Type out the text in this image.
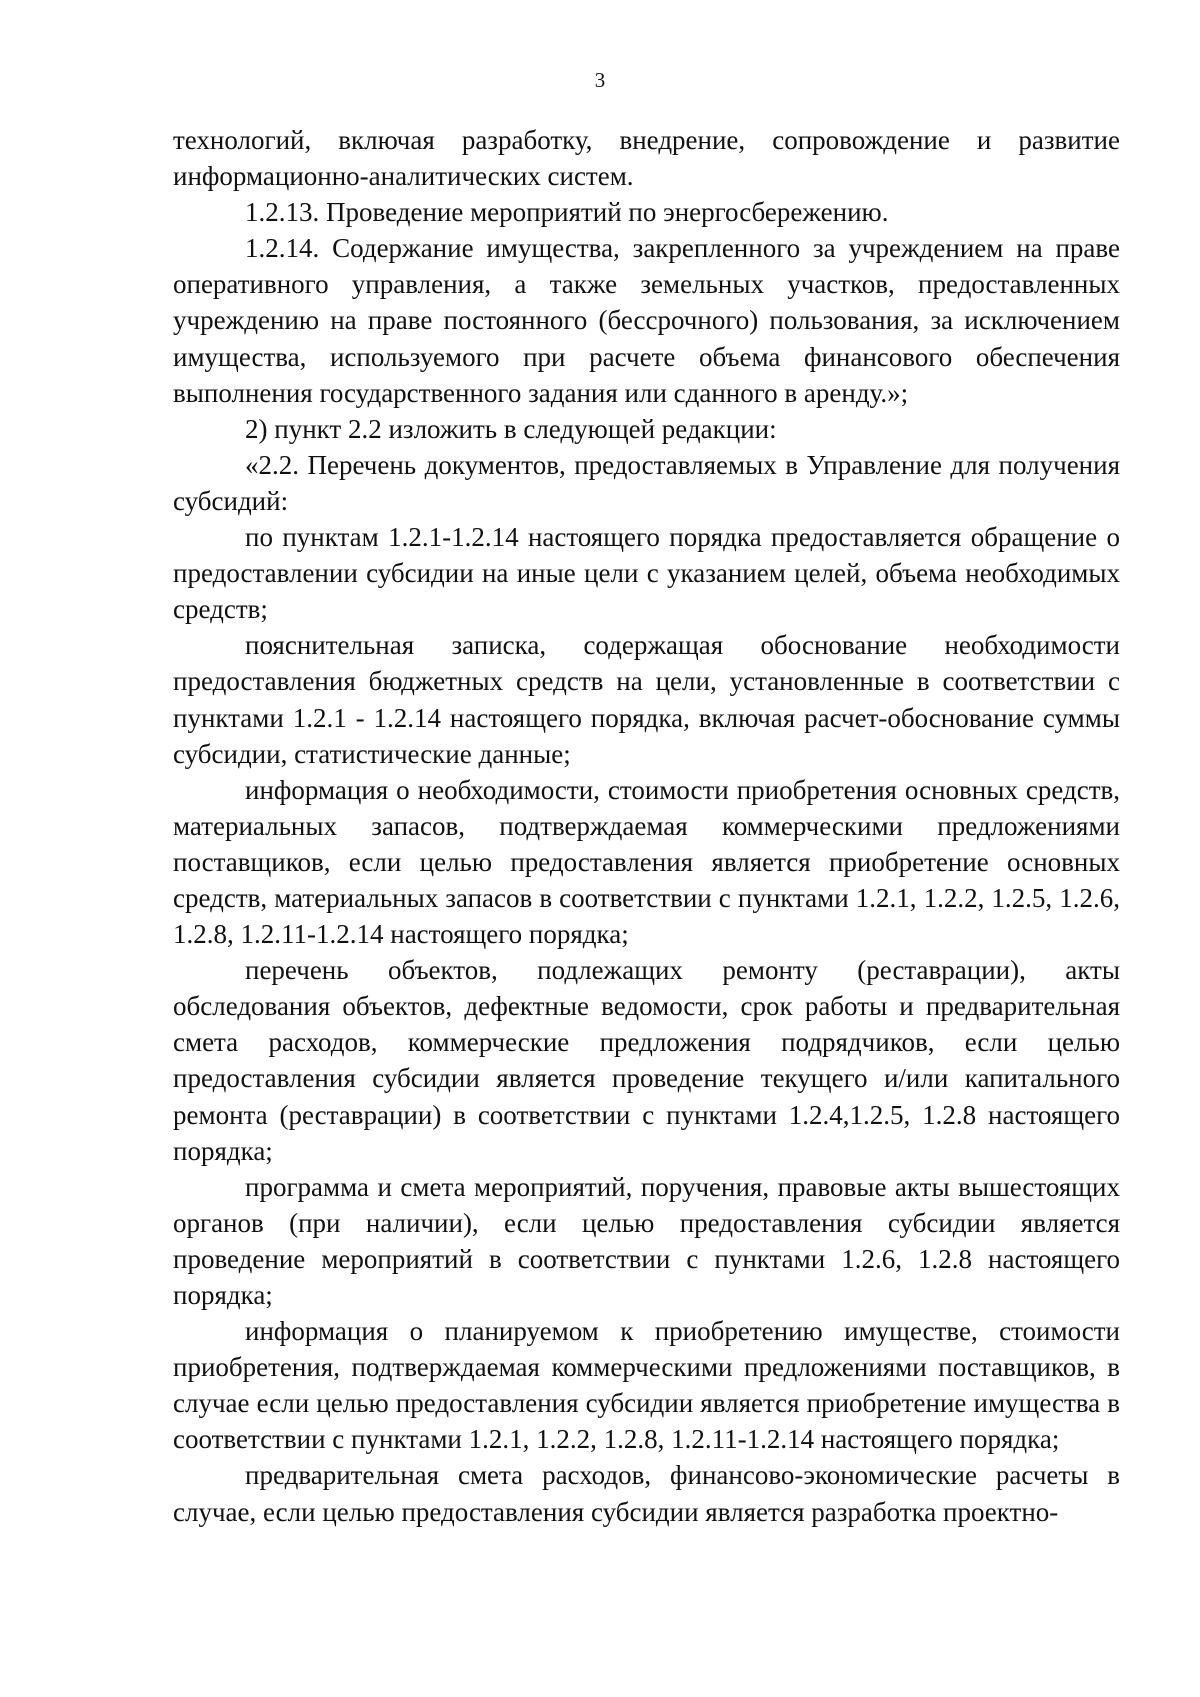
3

технологий, включая разработку, внедрение, сопровождение и развитие информационно-аналитических систем.

1.2.13. Проведение мероприятий по энергосбережению.

1.2.14. Содержание имущества, закрепленного за учреждением на праве оперативного управления, а также земельных участков, предоставленных учреждению на праве постоянного (бессрочного) пользования, за исключением имущества, используемого при расчете объема финансового обеспечения выполнения государственного задания или сданного в аренду.»;

2) пункт 2.2 изложить в следующей редакции:

«2.2. Перечень документов, предоставляемых в Управление для получения субсидий:

по пунктам 1.2.1-1.2.14 настоящего порядка предоставляется обращение о предоставлении субсидии на иные цели с указанием целей, объема необходимых средств;

пояснительная записка, содержащая обоснование необходимости предоставления бюджетных средств на цели, установленные в соответствии с пунктами 1.2.1 - 1.2.14 настоящего порядка, включая расчет-обоснование суммы субсидии, статистические данные;

информация о необходимости, стоимости приобретения основных средств, материальных запасов, подтверждаемая коммерческими предложениями поставщиков, если целью предоставления является приобретение основных средств, материальных запасов в соответствии с пунктами 1.2.1, 1.2.2, 1.2.5, 1.2.6, 1.2.8, 1.2.11-1.2.14 настоящего порядка;

перечень объектов, подлежащих ремонту (реставрации), акты обследования объектов, дефектные ведомости, срок работы и предварительная смета расходов, коммерческие предложения подрядчиков, если целью предоставления субсидии является проведение текущего и/или капитального ремонта (реставрации) в соответствии с пунктами 1.2.4,1.2.5, 1.2.8 настоящего порядка;

программа и смета мероприятий, поручения, правовые акты вышестоящих органов (при наличии), если целью предоставления субсидии является проведение мероприятий в соответствии с пунктами 1.2.6, 1.2.8 настоящего порядка;

информация о планируемом к приобретению имуществе, стоимости приобретения, подтверждаемая коммерческими предложениями поставщиков, в случае если целью предоставления субсидии является приобретение имущества в соответствии с пунктами 1.2.1, 1.2.2, 1.2.8, 1.2.11-1.2.14 настоящего порядка;

предварительная смета расходов, финансово-экономические расчеты в случае, если целью предоставления субсидии является разработка проектно-
